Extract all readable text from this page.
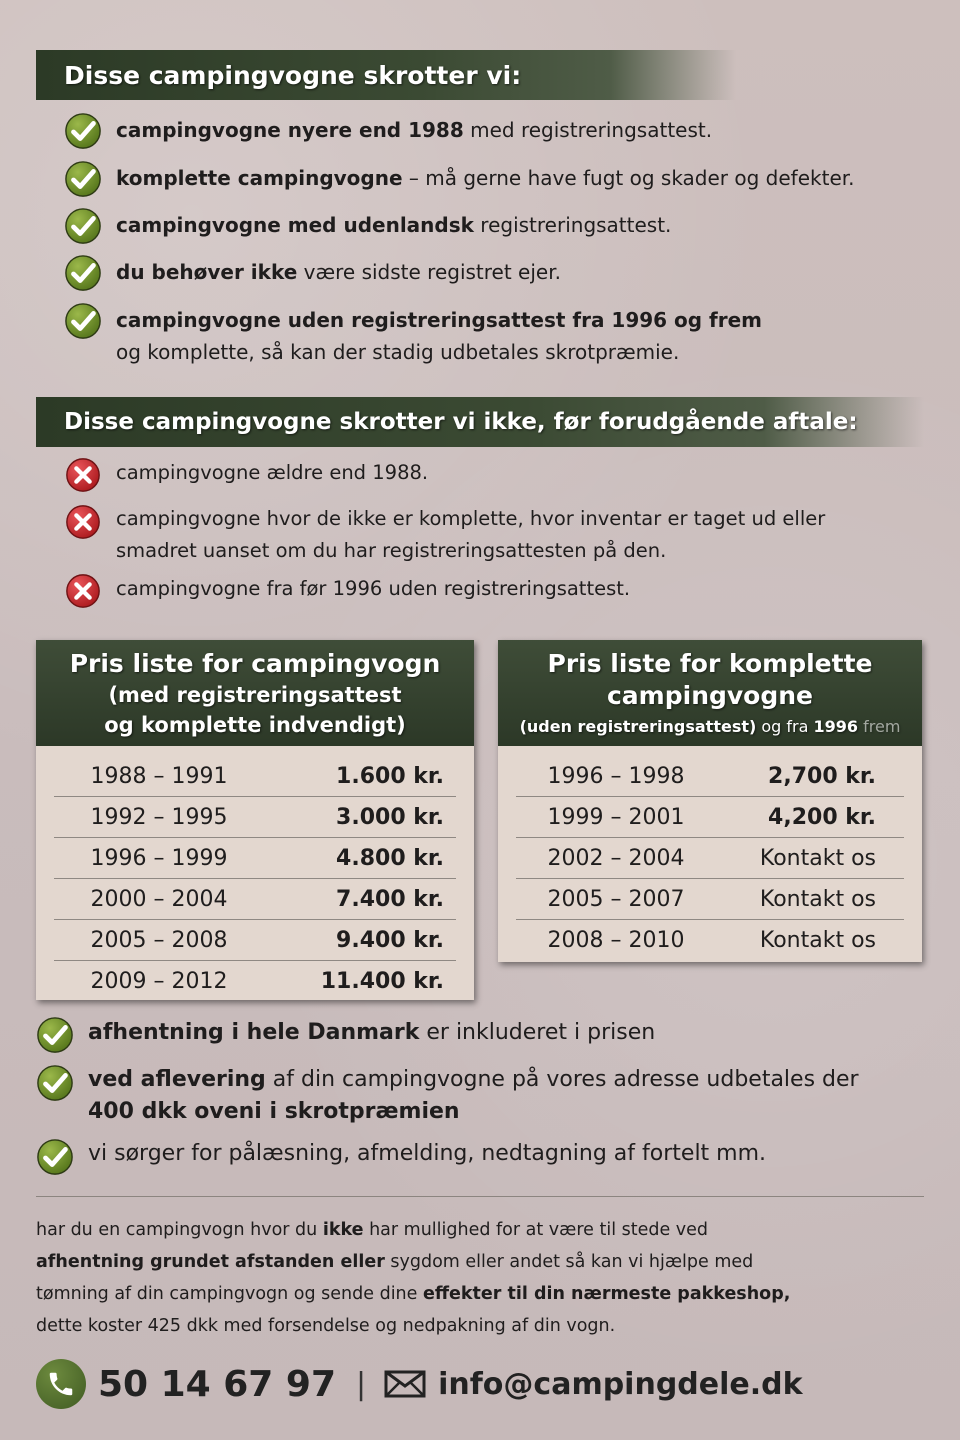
Disse campingvogne skrotter vi:
campingvogne nyere end 1988 med registreringsattest.
komplette campingvogne – må gerne have fugt og skader og defekter.
campingvogne med udenlandsk registreringsattest.
du behøver ikke være sidste registret ejer.
campingvogne uden registreringsattest fra 1996 og frem
og komplette, så kan der stadig udbetales skrotpræmie.
Disse campingvogne skrotter vi ikke, før forudgående aftale:
campingvogne ældre end 1988.
campingvogne hvor de ikke er komplette, hvor inventar er taget ud eller
smadret uanset om du har registreringsattesten på den.
campingvogne fra før 1996 uden registreringsattest.
Pris liste for campingvogn
(med registreringsattest
og komplette indvendigt)
1988 – 1991	1.600 kr.
1992 – 1995	3.000 kr.
1996 – 1999	4.800 kr.
2000 – 2004	7.400 kr.
2005 – 2008	9.400 kr.
2009 – 2012	11.400 kr.
Pris liste for komplette
campingvogne
(uden registreringsattest) og fra 1996 frem
1996 – 1998	2,700 kr.
1999 – 2001	4,200 kr.
2002 – 2004	Kontakt os
2005 – 2007	Kontakt os
2008 – 2010	Kontakt os
afhentning i hele Danmark er inkluderet i prisen
ved aflevering af din campingvogne på vores adresse udbetales der
400 dkk oveni i skrotpræmien
vi sørger for pålæsning, afmelding, nedtagning af fortelt mm.
har du en campingvogn hvor du ikke har mullighed for at være til stede ved
afhentning grundet afstanden eller sygdom eller andet så kan vi hjælpe med
tømning af din campingvogn og sende dine effekter til din nærmeste pakkeshop,
dette koster 425 dkk med forsendelse og nedpakning af din vogn.
50 14 67 97 | info@campingdele.dk
